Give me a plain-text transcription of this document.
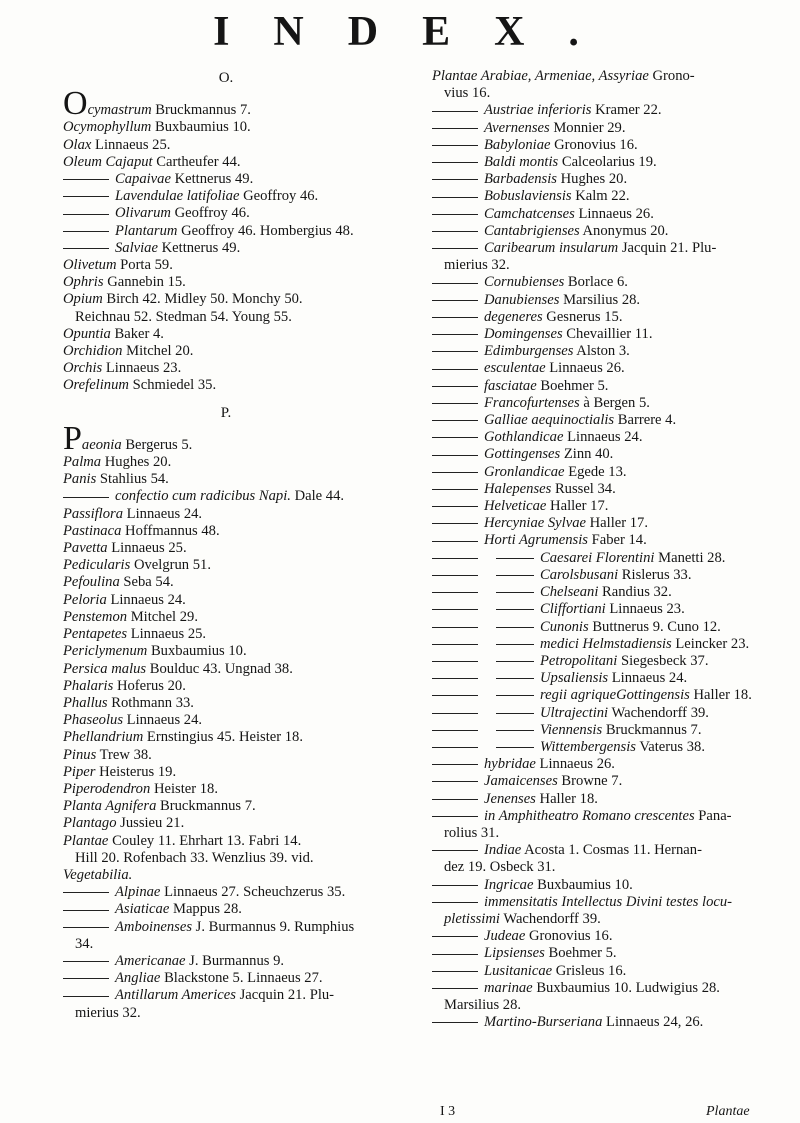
INDEX.
O.
Ocymastrum Bruckmannus 7.
Ocymophyllum Buxbaumius 10.
Olax Linnaeus 25.
Oleum Cajaput Cartheufer 44.
Capaivae Kettnerus 49.
Lavendulae latifoliae Geoffroy 46.
Olivarum Geoffroy 46.
Plantarum Geoffroy 46. Hombergius 48.
Salviae Kettnerus 49.
Olivetum Porta 59.
Ophris Gannebin 15.
Opium Birch 42. Midley 50. Monchy 50.
Reichnau 52. Stedman 54. Young 55.
Opuntia Baker 4.
Orchidion Mitchel 20.
Orchis Linnaeus 23.
Orefelinum Schmiedel 35.
P.
Paeonia Bergerus 5.
Palma Hughes 20.
Panis Stahlius 54.
confectio cum radicibus Napi. Dale 44.
Passiflora Linnaeus 24.
Pastinaca Hoffmannus 48.
Pavetta Linnaeus 25.
Pedicularis Ovelgrun 51.
Pefoulina Seba 54.
Peloria Linnaeus 24.
Penstemon Mitchel 29.
Pentapetes Linnaeus 25.
Periclymenum Buxbaumius 10.
Persica malus Boulduc 43. Ungnad 38.
Phalaris Hoferus 20.
Phallus Rothmann 33.
Phaseolus Linnaeus 24.
Phellandrium Ernstingius 45. Heister 18.
Pinus Trew 38.
Piper Heisterus 19.
Piperodendron Heister 18.
Planta Agnifera Bruckmannus 7.
Plantago Jussieu 21.
Plantae Couley 11. Ehrhart 13. Fabri 14.
Hill 20. Rofenbach 33. Wenzlius 39. vid.
Vegetabilia.
Alpinae Linnaeus 27. Scheuchzerus 35.
Asiaticae Mappus 28.
Amboinenses J. Burmannus 9. Rumphius
34.
Americanae J. Burmannus 9.
Angliae Blackstone 5. Linnaeus 27.
Antillarum Americes Jacquin 21. Plu-
mierius 32.
Plantae Arabiae, Armeniae, Assyriae Grono-
vius 16.
Austriae inferioris Kramer 22.
Avernenses Monnier 29.
Babyloniae Gronovius 16.
Baldi montis Calceolarius 19.
Barbadensis Hughes 20.
Bobuslaviensis Kalm 22.
Camchatcenses Linnaeus 26.
Cantabrigienses Anonymus 20.
Caribearum insularum Jacquin 21. Plu-
mierius 32.
Cornubienses Borlace 6.
Danubienses Marsilius 28.
degeneres Gesnerus 15.
Domingenses Chevaillier 11.
Edimburgenses Alston 3.
esculentae Linnaeus 26.
fasciatae Boehmer 5.
Francofurtenses à Bergen 5.
Galliae aequinoctialis Barrere 4.
Gothlandicae Linnaeus 24.
Gottingenses Zinn 40.
Gronlandicae Egede 13.
Halepenses Russel 34.
Helveticae Haller 17.
Hercyniae Sylvae Haller 17.
Horti Agrumensis Faber 14.
Caesarei Florentini Manetti 28.
Carolsbusani Rislerus 33.
Chelseani Randius 32.
Cliffortiani Linnaeus 23.
Cunonis Buttnerus 9. Cuno 12.
medici Helmstadiensis Leincker 23.
Petropolitani Siegesbeck 37.
Upsaliensis Linnaeus 24.
regii agriqueGottingensis Haller 18.
Ultrajectini Wachendorff 39.
Viennensis Bruckmannus 7.
Wittembergensis Vaterus 38.
hybridae Linnaeus 26.
Jamaicenses Browne 7.
Jenenses Haller 18.
in Amphitheatro Romano crescentes Pana-
rolius 31.
Indiae Acosta 1. Cosmas 11. Hernan-
dez 19. Osbeck 31.
Ingricae Buxbaumius 10.
immensitatis Intellectus Divini testes locu-
pletissimi Wachendorff 39.
Judeae Gronovius 16.
Lipsienses Boehmer 5.
Lusitanicae Grisleus 16.
marinae Buxbaumius 10. Ludwigius 28.
Marsilius 28.
Martino-Burseriana Linnaeus 24, 26.
I 3	Plantae
